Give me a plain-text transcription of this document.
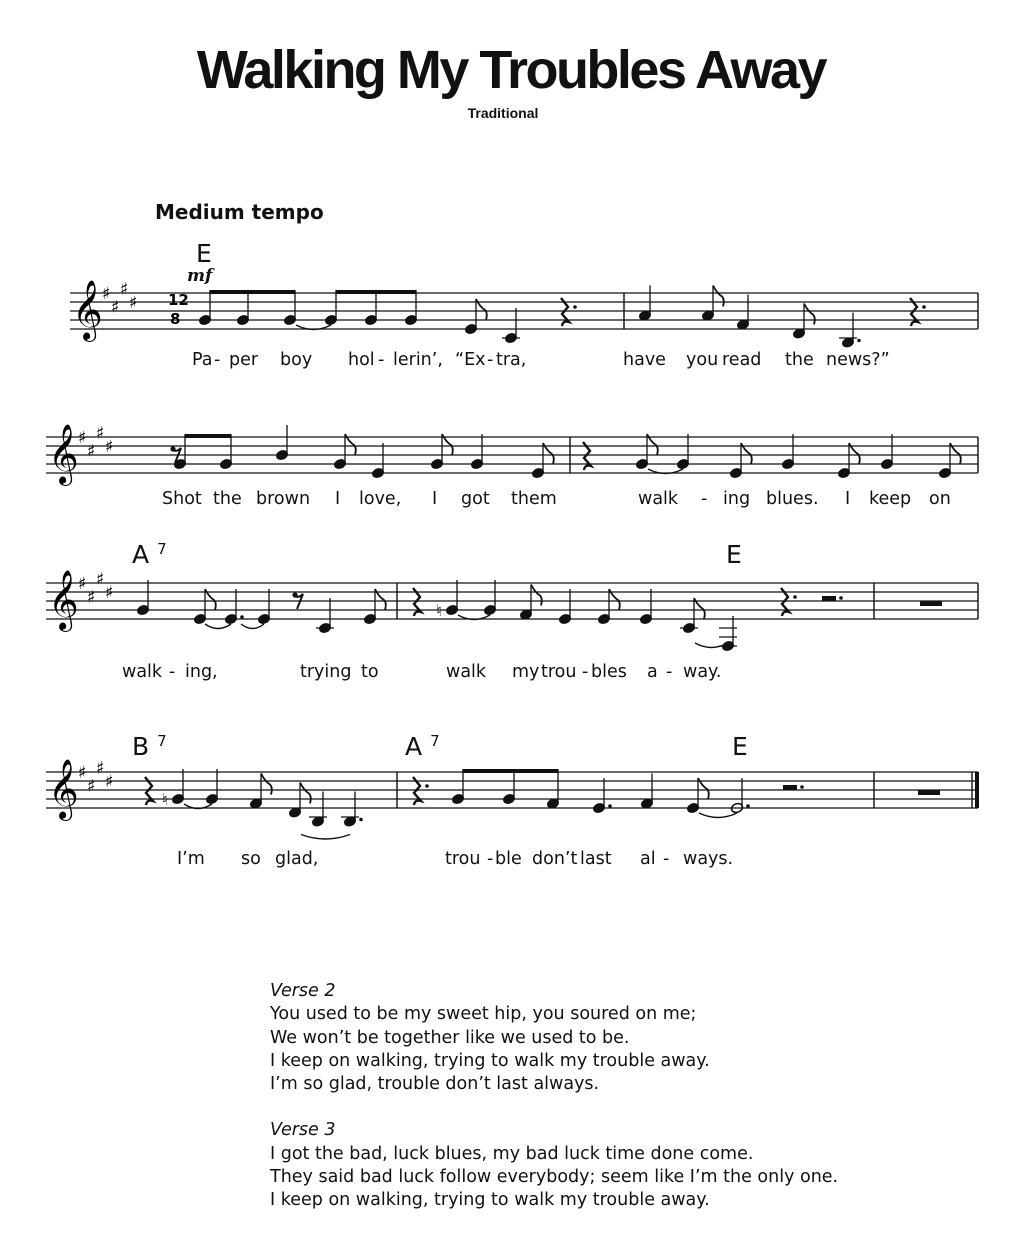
Walking My Troubles Away
Traditional
Medium tempo
𝄞 ♯
♯
♯
♯
𝄞 ♯
♯
♯
♯
𝄞 ♯
♯
♯
♯
𝄞 ♯
♯
♯
♯
♮
♮
mf
12
8
E
A $^7$	E
B $^7$	A $^7$	E
Pa - per boy hol - lerin’, “Ex - tra,	have you read the news?”
Shot the brown I love, I got them	walk - ing blues. I keep on
walk - ing,	trying to	walk my trou - bles a - way.
I’m so glad,	trou - ble don’t last al - ways.
Verse 2
You used to be my sweet hip, you soured on me;
We won’t be together like we used to be.
I keep on walking, trying to walk my trouble away.
I’m so glad, trouble don’t last always.
Verse 3
I got the bad, luck blues, my bad luck time done come.
They said bad luck follow everybody; seem like I’m the only one.
I keep on walking, trying to walk my trouble away.
